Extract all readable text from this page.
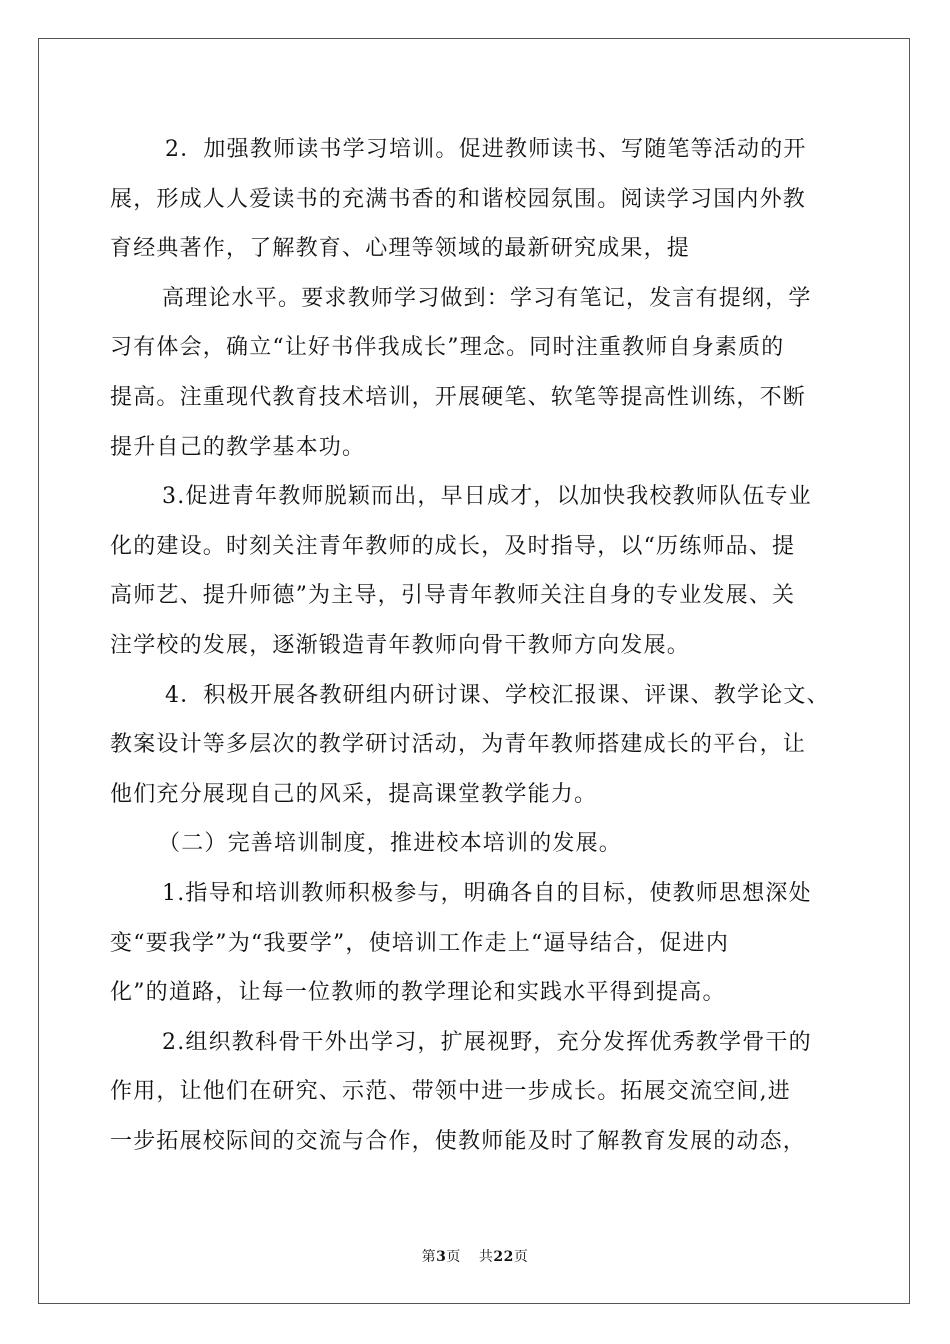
2．加强教师读书学习培训。促进教师读书、写随笔等活动的开
展，形成人人爱读书的充满书香的和谐校园氛围。阅读学习国内外教
育经典著作，了解教育、心理等领域的最新研究成果，提
高理论水平。要求教师学习做到：学习有笔记，发言有提纲，学
习有体会，确立“让好书伴我成长”理念。同时注重教师自身素质的
提高。注重现代教育技术培训，开展硬笔、软笔等提高性训练，不断
提升自己的教学基本功。

3.促进青年教师脱颖而出，早日成才，以加快我校教师队伍专业
化的建设。时刻关注青年教师的成长，及时指导，以“历练师品、提
高师艺、提升师德”为主导，引导青年教师关注自身的专业发展、关
注学校的发展，逐渐锻造青年教师向骨干教师方向发展。

4．积极开展各教研组内研讨课、学校汇报课、评课、教学论文、
教案设计等多层次的教学研讨活动，为青年教师搭建成长的平台，让
他们充分展现自己的风采，提高课堂教学能力。

（二）完善培训制度，推进校本培训的发展。

1.指导和培训教师积极参与，明确各自的目标，使教师思想深处
变“要我学”为“我要学”，使培训工作走上“逼导结合，促进内
化”的道路，让每一位教师的教学理论和实践水平得到提高。

2.组织教科骨干外出学习，扩展视野，充分发挥优秀教学骨干的
作用，让他们在研究、示范、带领中进一步成长。拓展交流空间,进
一步拓展校际间的交流与合作，使教师能及时了解教育发展的动态，

第3页 共22页
